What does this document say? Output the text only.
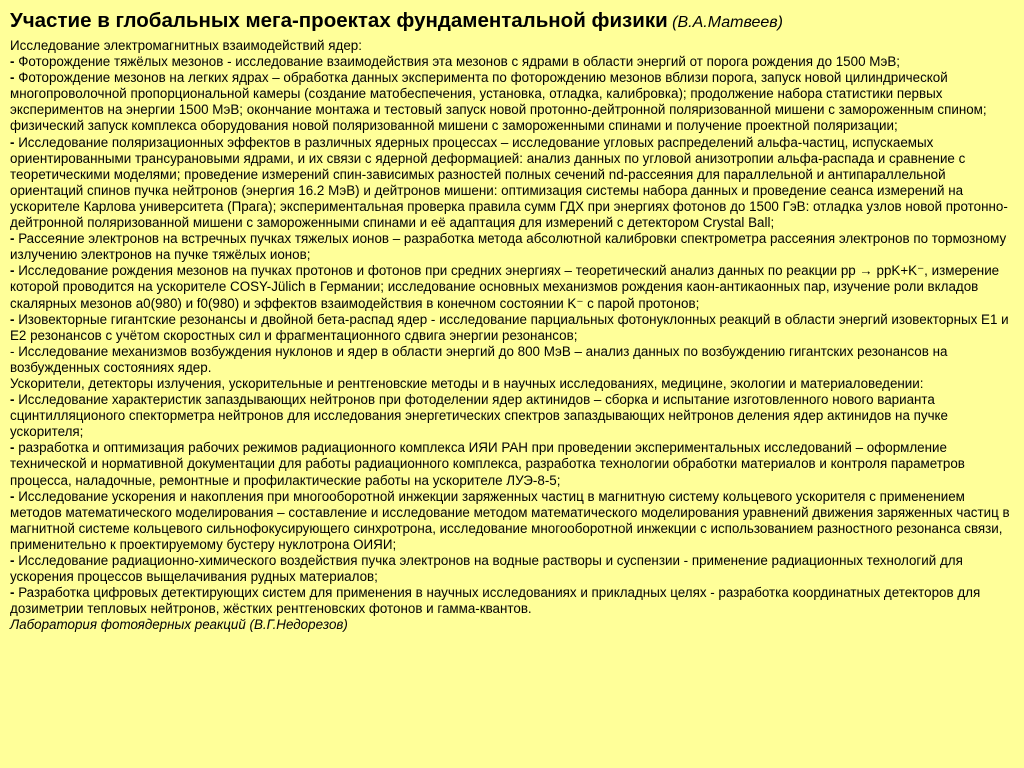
Участие в глобальных мега-проектах фундаментальной физики (В.А.Матвеев)

Исследование электромагнитных взаимодействий ядер:

- Фоторождение тяжёлых мезонов - исследование взаимодействия эта мезонов с ядрами в области энергий от порога рождения до 1500 МэВ;

- Фоторождение мезонов на легких ядрах – обработка данных эксперимента по фоторождению мезонов вблизи порога, запуск новой цилиндрической многопроволочной пропорциональной камеры (создание матобеспечения, установка, отладка, калибровка); продолжение набора статистики первых экспериментов на энергии 1500 МэВ; окончание монтажа и тестовый запуск новой протонно-дейтронной поляризованной мишени с замороженным спином; физический запуск комплекса оборудования новой поляризованной мишени с замороженными спинами и получение проектной поляризации;

- Исследование поляризационных эффектов в различных ядерных процессах – исследование угловых распределений альфа-частиц, испускаемых ориентированными трансурановыми ядрами, и их связи с ядерной деформацией: анализ данных по угловой анизотропии альфа-распада и сравнение с теоретическими моделями; проведение измерений спин-зависимых разностей полных сечений nd-рассеяния для параллельной и антипараллельной ориентаций спинов пучка нейтронов (энергия 16.2 МэВ) и дейтронов мишени: оптимизация системы набора данных и проведение сеанса измерений на ускорителе Карлова университета (Прага); экспериментальная проверка правила сумм ГДХ при энергиях фотонов до 1500 ГэВ: отладка узлов новой протонно-дейтронной поляризованной мишени с замороженными спинами и её адаптация для измерений с детектором Crystal Ball;

- Рассеяние электронов на встречных пучках тяжелых ионов – разработка метода абсолютной калибровки спектрометра рассеяния электронов по тормозному излучению электронов на пучке тяжёлых ионов;

- Исследование рождения мезонов на пучках протонов и фотонов при средних энергиях – теоретический анализ данных по реакции pp → ppK+K⁻, измерение которой проводится на ускорителе COSY-Jülich в Германии; исследование основных механизмов рождения каон-антикаонных пар, изучение роли вкладов скалярных мезонов a0(980) и f0(980) и эффектов взаимодействия в конечном состоянии K⁻ с парой протонов;

- Изовекторные гигантские резонансы и двойной бета-распад ядер - исследование парциальных фотонуклонных реакций в области энергий изовекторных Е1 и Е2 резонансов с учётом скоростных сил и фрагментационного сдвига энергии резонансов;

- Исследование механизмов возбуждения нуклонов и ядер в области энергий до 800 МэВ – анализ данных по возбуждению гигантских резонансов на возбужденных состояниях ядер.

Ускорители, детекторы излучения, ускорительные и рентгеновские методы и в научных исследованиях, медицине, экологии и материаловедении:

- Исследование характеристик запаздывающих нейтронов при фотоделении ядер актинидов – сборка и испытание изготовленного нового варианта сцинтилляционого спекторметра нейтронов для исследования энергетических спектров запаздывающих нейтронов деления ядер актинидов на пучке ускорителя;

- разработка и оптимизация рабочих режимов радиационного комплекса ИЯИ РАН при проведении экспериментальных исследований – оформление технической и нормативной документации для работы радиационного комплекса, разработка технологии обработки материалов и контроля параметров процесса, наладочные, ремонтные и профилактические работы на ускорителе ЛУЭ-8-5;

- Исследование ускорения и накопления при многооборотной инжекции заряженных частиц в магнитную систему кольцевого ускорителя с применением методов математического моделирования – составление и исследование методом математического моделирования уравнений движения заряженных частиц в магнитной системе кольцевого сильнофокусирующего синхротрона, исследование многооборотной инжекции с использованием разностного резонанса связи, применительно к проектируемому бустеру нуклотрона ОИЯИ;

- Исследование радиационно-химического воздействия пучка электронов на водные растворы и суспензии - применение радиационных технологий для ускорения процессов выщелачивания рудных материалов;

- Разработка цифровых детектирующих систем для применения в научных исследованиях и прикладных целях - разработка координатных детекторов для дозиметрии тепловых нейтронов, жёстких рентгеновских фотонов и гамма-квантов.

Лаборатория фотоядерных реакций (В.Г.Недорезов)
